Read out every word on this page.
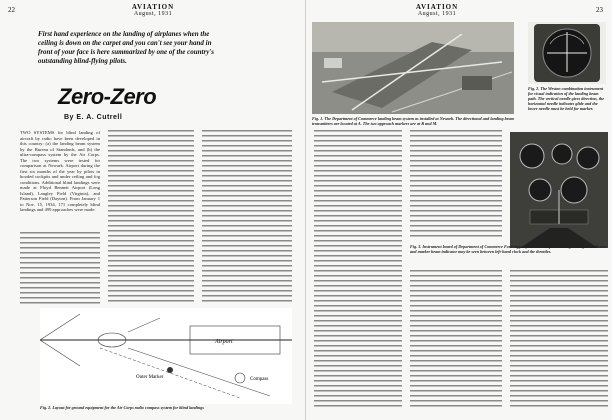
22	AVIATION
August, 1931
First hand experience on the landing of airplanes when the ceiling is down on the carpet and you can't see your hand in front of your face is here summarized by one of the country's outstanding blind-flying pilots.
Zero-Zero
By E. A. Cutrell
TWO SYSTEMS for blind landing of aircraft by radio have been developed in this country: (a) the landing beam system by the Bureau of Standards, and (b) the ultra-compass system by the Air Corps. The two systems were tested for comparison at Newark. Airport during the first six months of the year by pilots in hooded cockpits and under ceiling and fog conditions. Additional blind landings were made at Floyd Bennett Airport (Long Island), Langley Field (Virginia), and Patterson Field (Dayton). From January 1 to Nov. 15, 1934, 171 completely blind landings and 499 approaches were made.
Airport
Compass
Outer Marker
Fig. 2. Layout for ground equipment for the Air Corps radio compass system for blind landings
AVIATION
August, 1931	23
Fig. 1. The Department of Commerce landing beam system as installed at Newark. The directional and landing beam transmitters are located at A. The two approach markers are at B and M.
Fig. 2. The Weston combination instrument for visual indication of the landing beam path. The vertical needle gives direction, the horizontal needle indicates glide and the lower needle must be held for marker.
Fig. 3. Instrument board of Department of Commerce Ford rigged for radio compass landings. Compass indicator and marker beam indicator may be seen between left-hand clock and the throttles.
